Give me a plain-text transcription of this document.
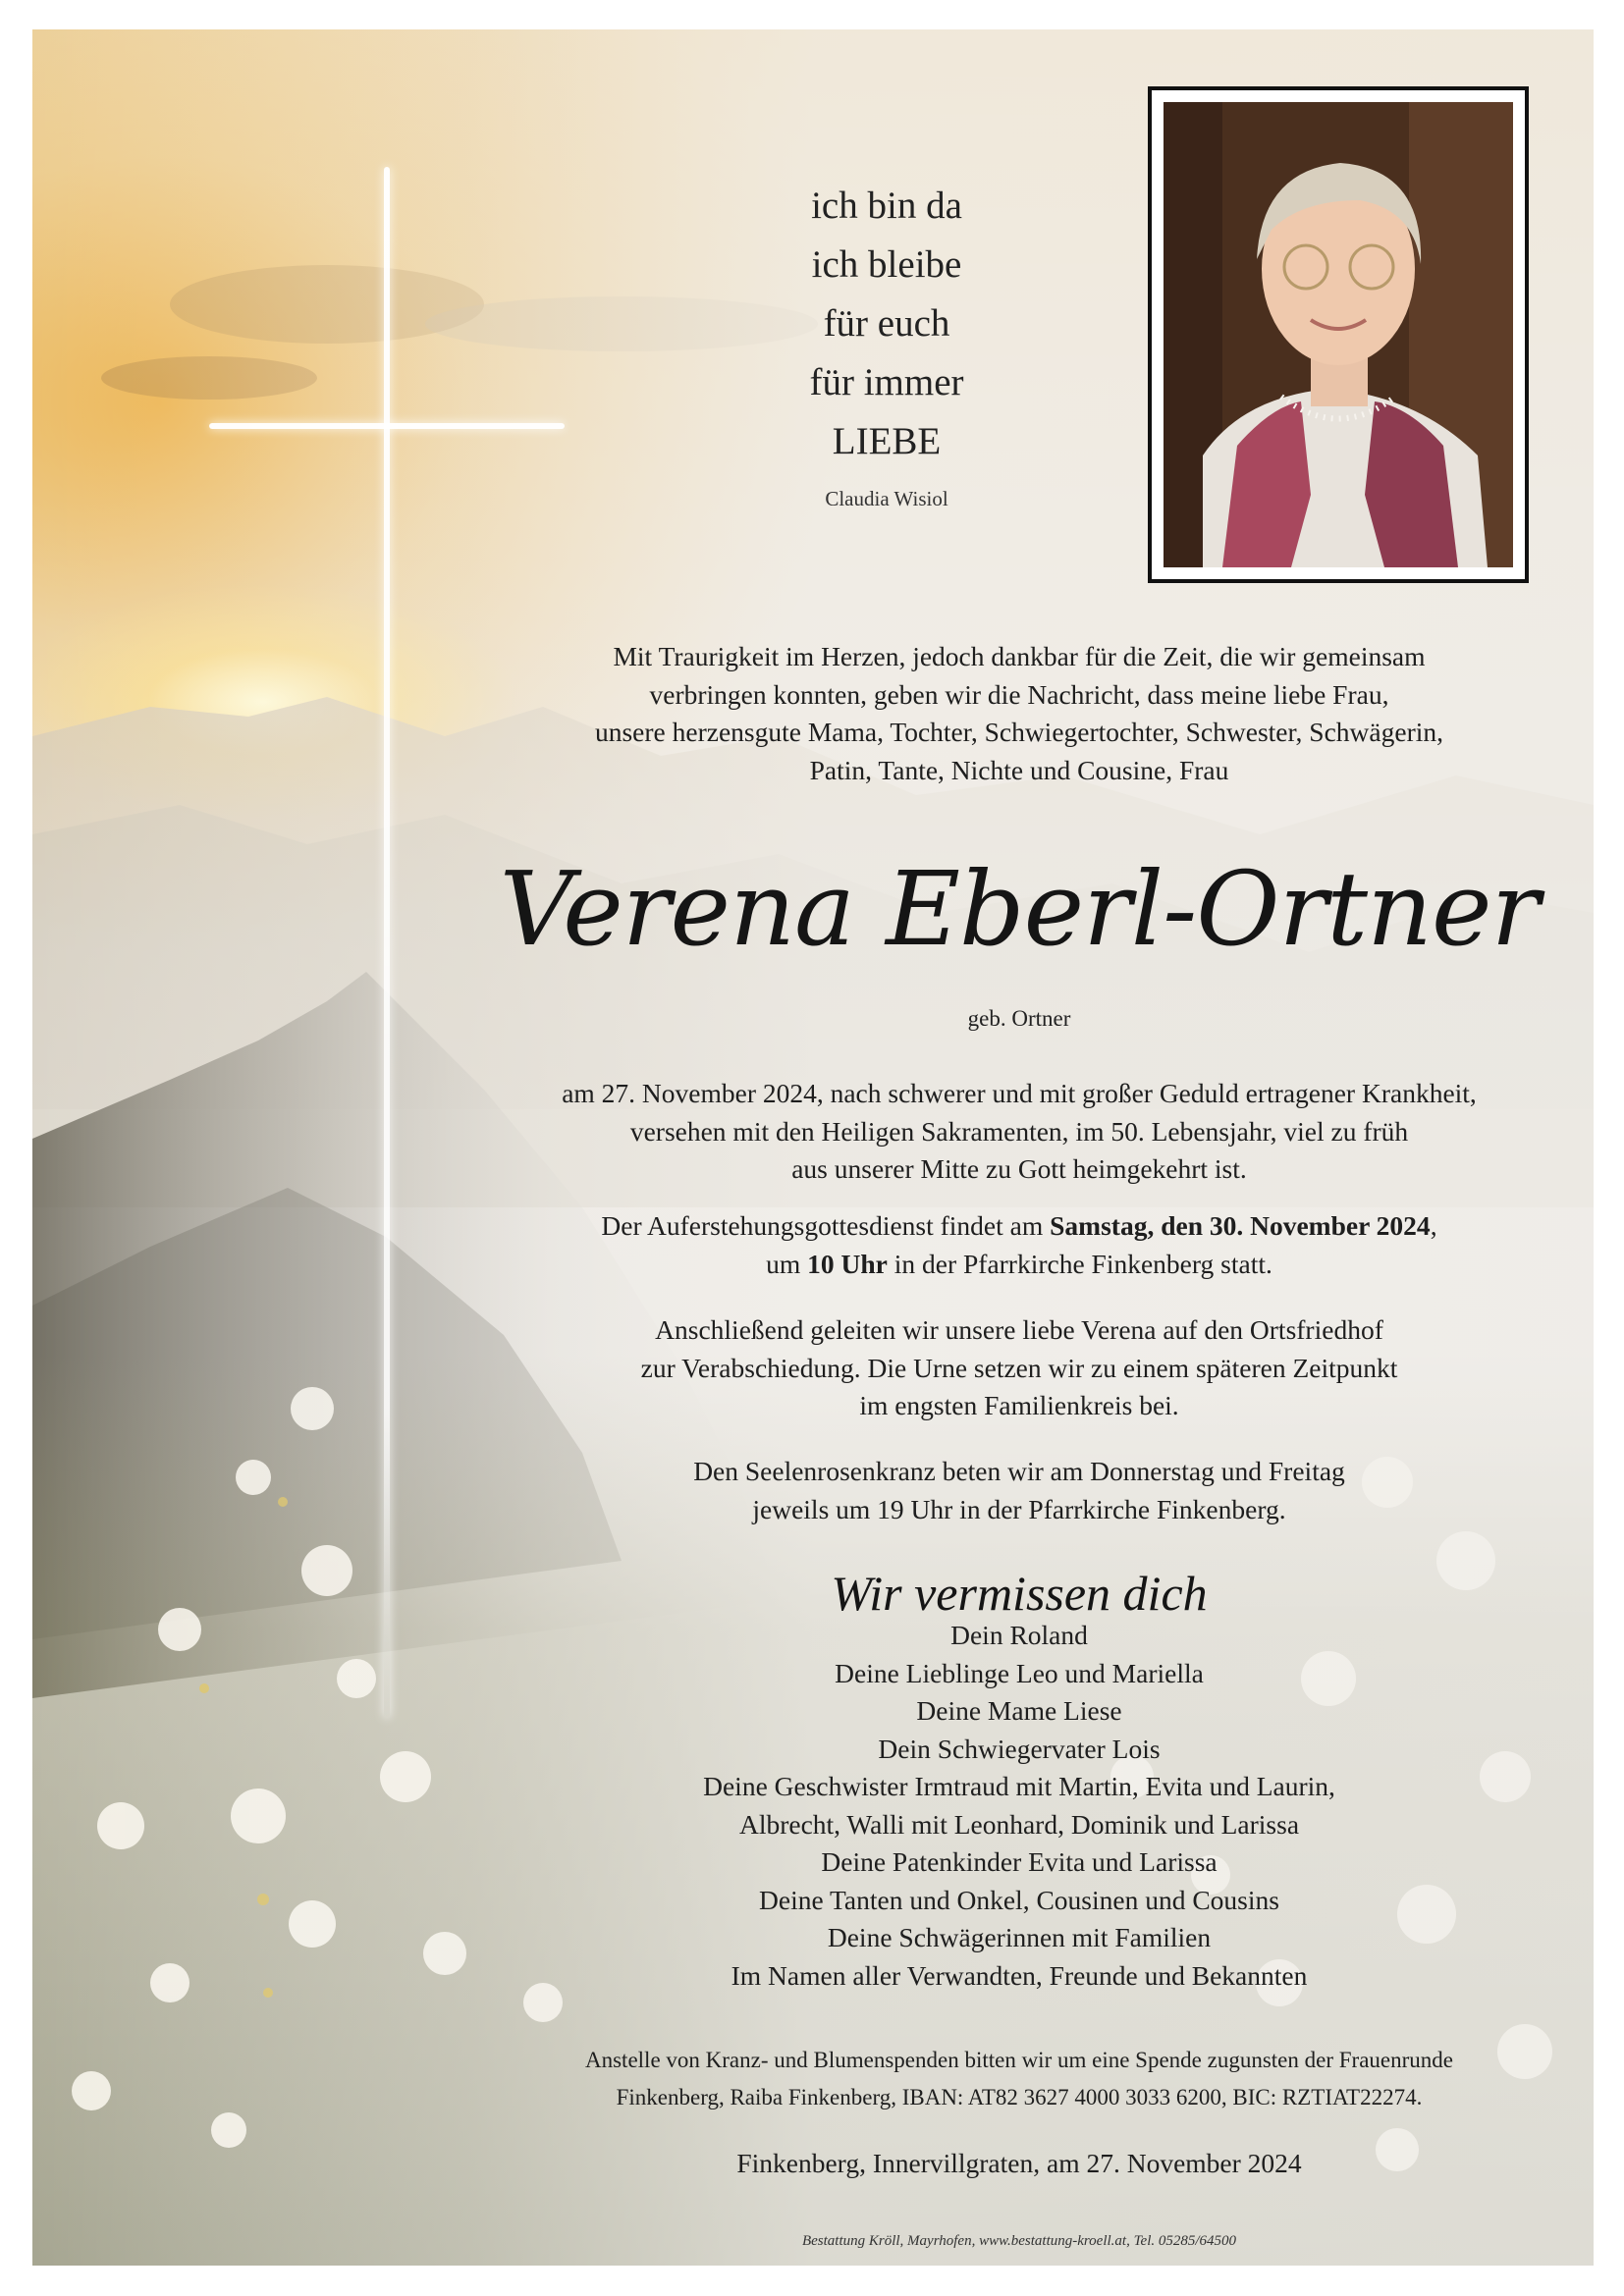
ich bin da
ich bleibe
für euch
für immer
LIEBE
Claudia Wisiol

Mit Traurigkeit im Herzen, jedoch dankbar für die Zeit, die wir gemeinsam

verbringen konnten, geben wir die Nachricht, dass meine liebe Frau,

unsere herzensgute Mama, Tochter, Schwiegertochter, Schwester, Schwägerin,

Patin, Tante, Nichte und Cousine, Frau

Verena Eberl-Ortner
geb. Ortner

am 27. November 2024, nach schwerer und mit großer Geduld ertragener Krankheit,

versehen mit den Heiligen Sakramenten, im 50. Lebensjahr, viel zu früh

aus unserer Mitte zu Gott heimgekehrt ist.

Der Auferstehungsgottesdienst findet am Samstag, den 30. November 2024,

um 10 Uhr in der Pfarrkirche Finkenberg statt.

Anschließend geleiten wir unsere liebe Verena auf den Ortsfriedhof

zur Verabschiedung. Die Urne setzen wir zu einem späteren Zeitpunkt

im engsten Familienkreis bei.

Den Seelenrosenkranz beten wir am Donnerstag und Freitag

jeweils um 19 Uhr in der Pfarrkirche Finkenberg.

Wir vermissen dich

Dein Roland

Deine Lieblinge Leo und Mariella

Deine Mame Liese

Dein Schwiegervater Lois

Deine Geschwister Irmtraud mit Martin, Evita und Laurin,

Albrecht, Walli mit Leonhard, Dominik und Larissa

Deine Patenkinder Evita und Larissa

Deine Tanten und Onkel, Cousinen und Cousins

Deine Schwägerinnen mit Familien

Im Namen aller Verwandten, Freunde und Bekannten

Anstelle von Kranz- und Blumenspenden bitten wir um eine Spende zugunsten der Frauenrunde

Finkenberg, Raiba Finkenberg, IBAN: AT82 3627 4000 3033 6200, BIC: RZTIAT22274.

Finkenberg, Innervillgraten, am 27. November 2024

Bestattung Kröll, Mayrhofen, www.bestattung-kroell.at, Tel. 05285/64500
